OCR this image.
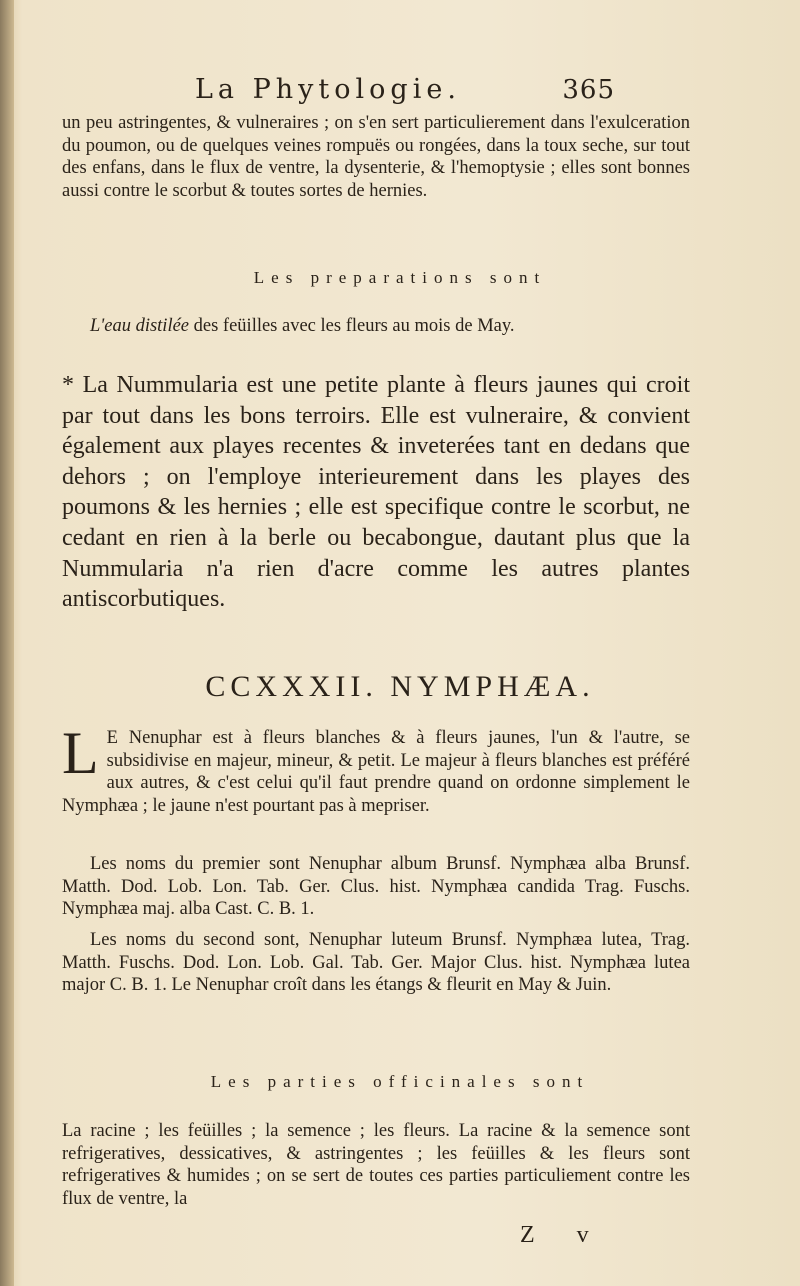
La Phytologie.	365

un peu astringentes, & vulneraires ; on s'en sert particulierement dans l'exulceration du poumon, ou de quelques veines rompuës ou rongées, dans la toux seche, sur tout des enfans, dans le flux de ventre, la dysenterie, & l'hemoptysie ; elles sont bonnes aussi contre le scorbut & toutes sortes de hernies.

Les preparations sont

L'eau distilée des feüilles avec les fleurs au mois de May.

* La Nummularia est une petite plante à fleurs jaunes qui croit par tout dans les bons terroirs. Elle est vulneraire, & convient également aux playes recentes & inveterées tant en dedans que dehors ; on l'employe interieurement dans les playes des poumons & les hernies ; elle est specifique contre le scorbut, ne cedant en rien à la berle ou becabongue, dautant plus que la Nummularia n'a rien d'acre comme les autres plantes antiscorbutiques.

CCXXXII. NYMPHÆA.
L E Nenuphar est à fleurs blanches & à fleurs jaunes, l'un & l'autre, se subsidivise en majeur, mineur, & petit. Le majeur à fleurs blanches est préféré aux autres, & c'est celui qu'il faut prendre quand on ordonne simplement le Nymphæa ; le jaune n'est pourtant pas à mepriser.

Les noms du premier sont Nenuphar album Brunsf. Nymphæa alba Brunsf. Matth. Dod. Lob. Lon. Tab. Ger. Clus. hist. Nymphæa candida Trag. Fuschs. Nymphæa maj. alba Cast. C. B. 1.

Les noms du second sont, Nenuphar luteum Brunsf. Nymphæa lutea, Trag. Matth. Fuschs. Dod. Lon. Lob. Gal. Tab. Ger. Major Clus. hist. Nymphæa lutea major C. B. 1. Le Nenuphar croît dans les étangs & fleurit en May & Juin.

Les parties officinales sont

La racine ; les feüilles ; la semence ; les fleurs. La racine & la semence sont refrigeratives, dessicatives, & astringentes ; les feüilles & les fleurs sont refrigeratives & humides ; on se sert de toutes ces parties particuliement contre les flux de ventre, la

Z v
